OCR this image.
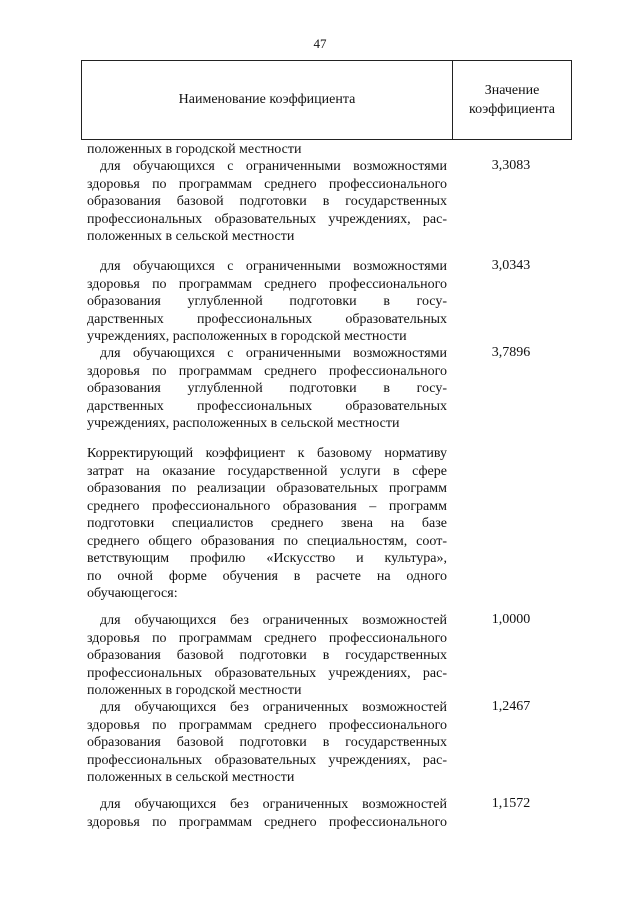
47
Наименование коэффициента
Значение
коэффициента
положенных в городской местности
для обучающихся с ограниченными возможностями
здоровья по программам среднего профессионального
образования базовой подготовки в государственных
профессиональных образовательных учреждениях, рас-
положенных в сельской местности
3,3083
для обучающихся с ограниченными возможностями
здоровья по программам среднего профессионального
образования углубленной подготовки в госу-
дарственных профессиональных образовательных
учреждениях, расположенных в городской местности
3,0343
для обучающихся с ограниченными возможностями
здоровья по программам среднего профессионального
образования углубленной подготовки в госу-
дарственных профессиональных образовательных
учреждениях, расположенных в сельской местности
3,7896
Корректирующий коэффициент к базовому нормативу
затрат на оказание государственной услуги в сфере
образования по реализации образовательных программ
среднего профессионального образования – программ
подготовки специалистов среднего звена на базе
среднего общего образования по специальностям, соот-
ветствующим профилю «Искусство и культура»,
по очной форме обучения в расчете на одного
обучающегося:
для обучающихся без ограниченных возможностей
здоровья по программам среднего профессионального
образования базовой подготовки в государственных
профессиональных образовательных учреждениях, рас-
положенных в городской местности
1,0000
для обучающихся без ограниченных возможностей
здоровья по программам среднего профессионального
образования базовой подготовки в государственных
профессиональных образовательных учреждениях, рас-
положенных в сельской местности
1,2467
для обучающихся без ограниченных возможностей
здоровья по программам среднего профессионального
1,1572
